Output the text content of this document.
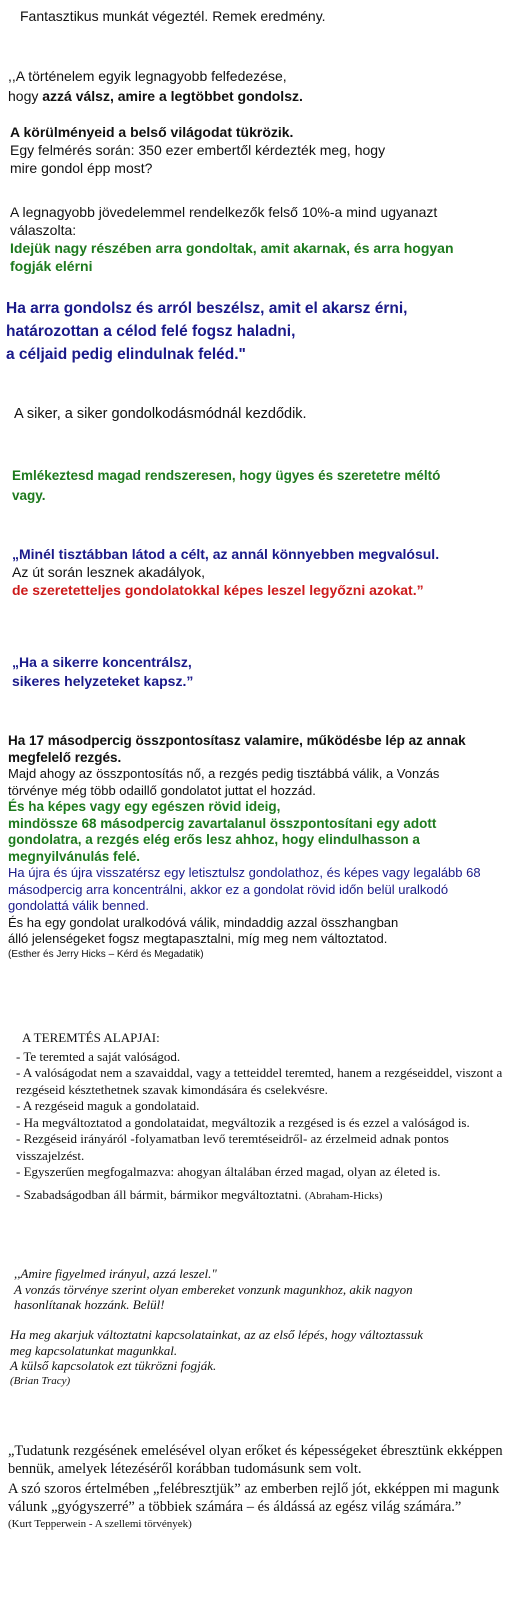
Fantasztikus munkát végeztél. Remek eredmény.
,,A történelem egyik legnagyobb felfedezése,
hogy azzá válsz, amire a legtöbbet gondolsz.
A körülményeid a belső világodat tükrözik.
Egy felmérés során: 350 ezer embertől kérdezték meg, hogy
mire gondol épp most?
A legnagyobb jövedelemmel rendelkezők felső 10%-a mind ugyanazt
válaszolta:
Idejük nagy részében arra gondoltak, amit akarnak, és arra hogyan
fogják elérni
Ha arra gondolsz és arról beszélsz, amit el akarsz érni,
határozottan a célod felé fogsz haladni,
a céljaid pedig elindulnak feléd."
A siker, a siker gondolkodásmódnál kezdődik.
Emlékeztesd magad rendszeresen, hogy ügyes és szeretetre méltó
vagy.
„Minél tisztábban látod a célt, az annál könnyebben megvalósul.
Az út során lesznek akadályok,
de szeretetteljes gondolatokkal képes leszel legyőzni azokat.”
„Ha a sikerre koncentrálsz,
sikeres helyzeteket kapsz.”
Ha 17 másodpercig összpontosítasz valamire, működésbe lép az annak
megfelelő rezgés.
Majd ahogy az összpontosítás nő, a rezgés pedig tisztábbá válik, a Vonzás
törvénye még több odaillő gondolatot juttat el hozzád.
És ha képes vagy egy egészen rövid ideig,
mindössze 68 másodpercig zavartalanul összpontosítani egy adott
gondolatra, a rezgés elég erős lesz ahhoz, hogy elindulhasson a
megnyilvánulás felé.
Ha újra és újra visszatérsz egy letisztulsz gondolathoz, és képes vagy legalább 68
másodpercig arra koncentrálni, akkor ez a gondolat rövid időn belül uralkodó
gondolattá válik benned.
És ha egy gondolat uralkodóvá válik, mindaddig azzal összhangban
álló jelenségeket fogsz megtapasztalni, míg meg nem változtatod.
(Esther és Jerry Hicks – Kérd és Megadatik)
A TEREMTÉS ALAPJAI:
- Te teremted a saját valóságod.
- A valóságodat nem a szavaiddal, vagy a tetteiddel teremted, hanem a rezgéseiddel, viszont a rezgéseid késztethetnek szavak kimondására és cselekvésre.
- A rezgéseid maguk a gondolataid.
- Ha megváltoztatod a gondolataidat, megváltozik a rezgésed is és ezzel a valóságod is.
- Rezgéseid irányáról -folyamatban levő teremtéseidről- az érzelmeid adnak pontos visszajelzést.
- Egyszerűen megfogalmazva: ahogyan általában érzed magad, olyan az életed is.
- Szabadságodban áll bármit, bármikor megváltoztatni. (Abraham-Hicks)
,,Amire figyelmed irányul, azzá leszel."
A vonzás törvénye szerint olyan embereket vonzunk magunkhoz, akik nagyon
hasonlítanak hozzánk. Belül!
Ha meg akarjuk változtatni kapcsolatainkat, az az első lépés, hogy változtassuk
meg kapcsolatunkat magunkkal.
A külső kapcsolatok ezt tükrözni fogják.
(Brian Tracy)
„Tudatunk rezgésének emelésével olyan erőket és képességeket ébresztünk ekképpen bennük, amelyek létezéséről korábban tudomásunk sem volt.
A szó szoros értelmében „felébresztjük” az emberben rejlő jót, ekképpen mi magunk válunk „gyógyszerré” a többiek számára – és áldássá az egész világ számára.”
(Kurt Tepperwein - A szellemi törvények)
